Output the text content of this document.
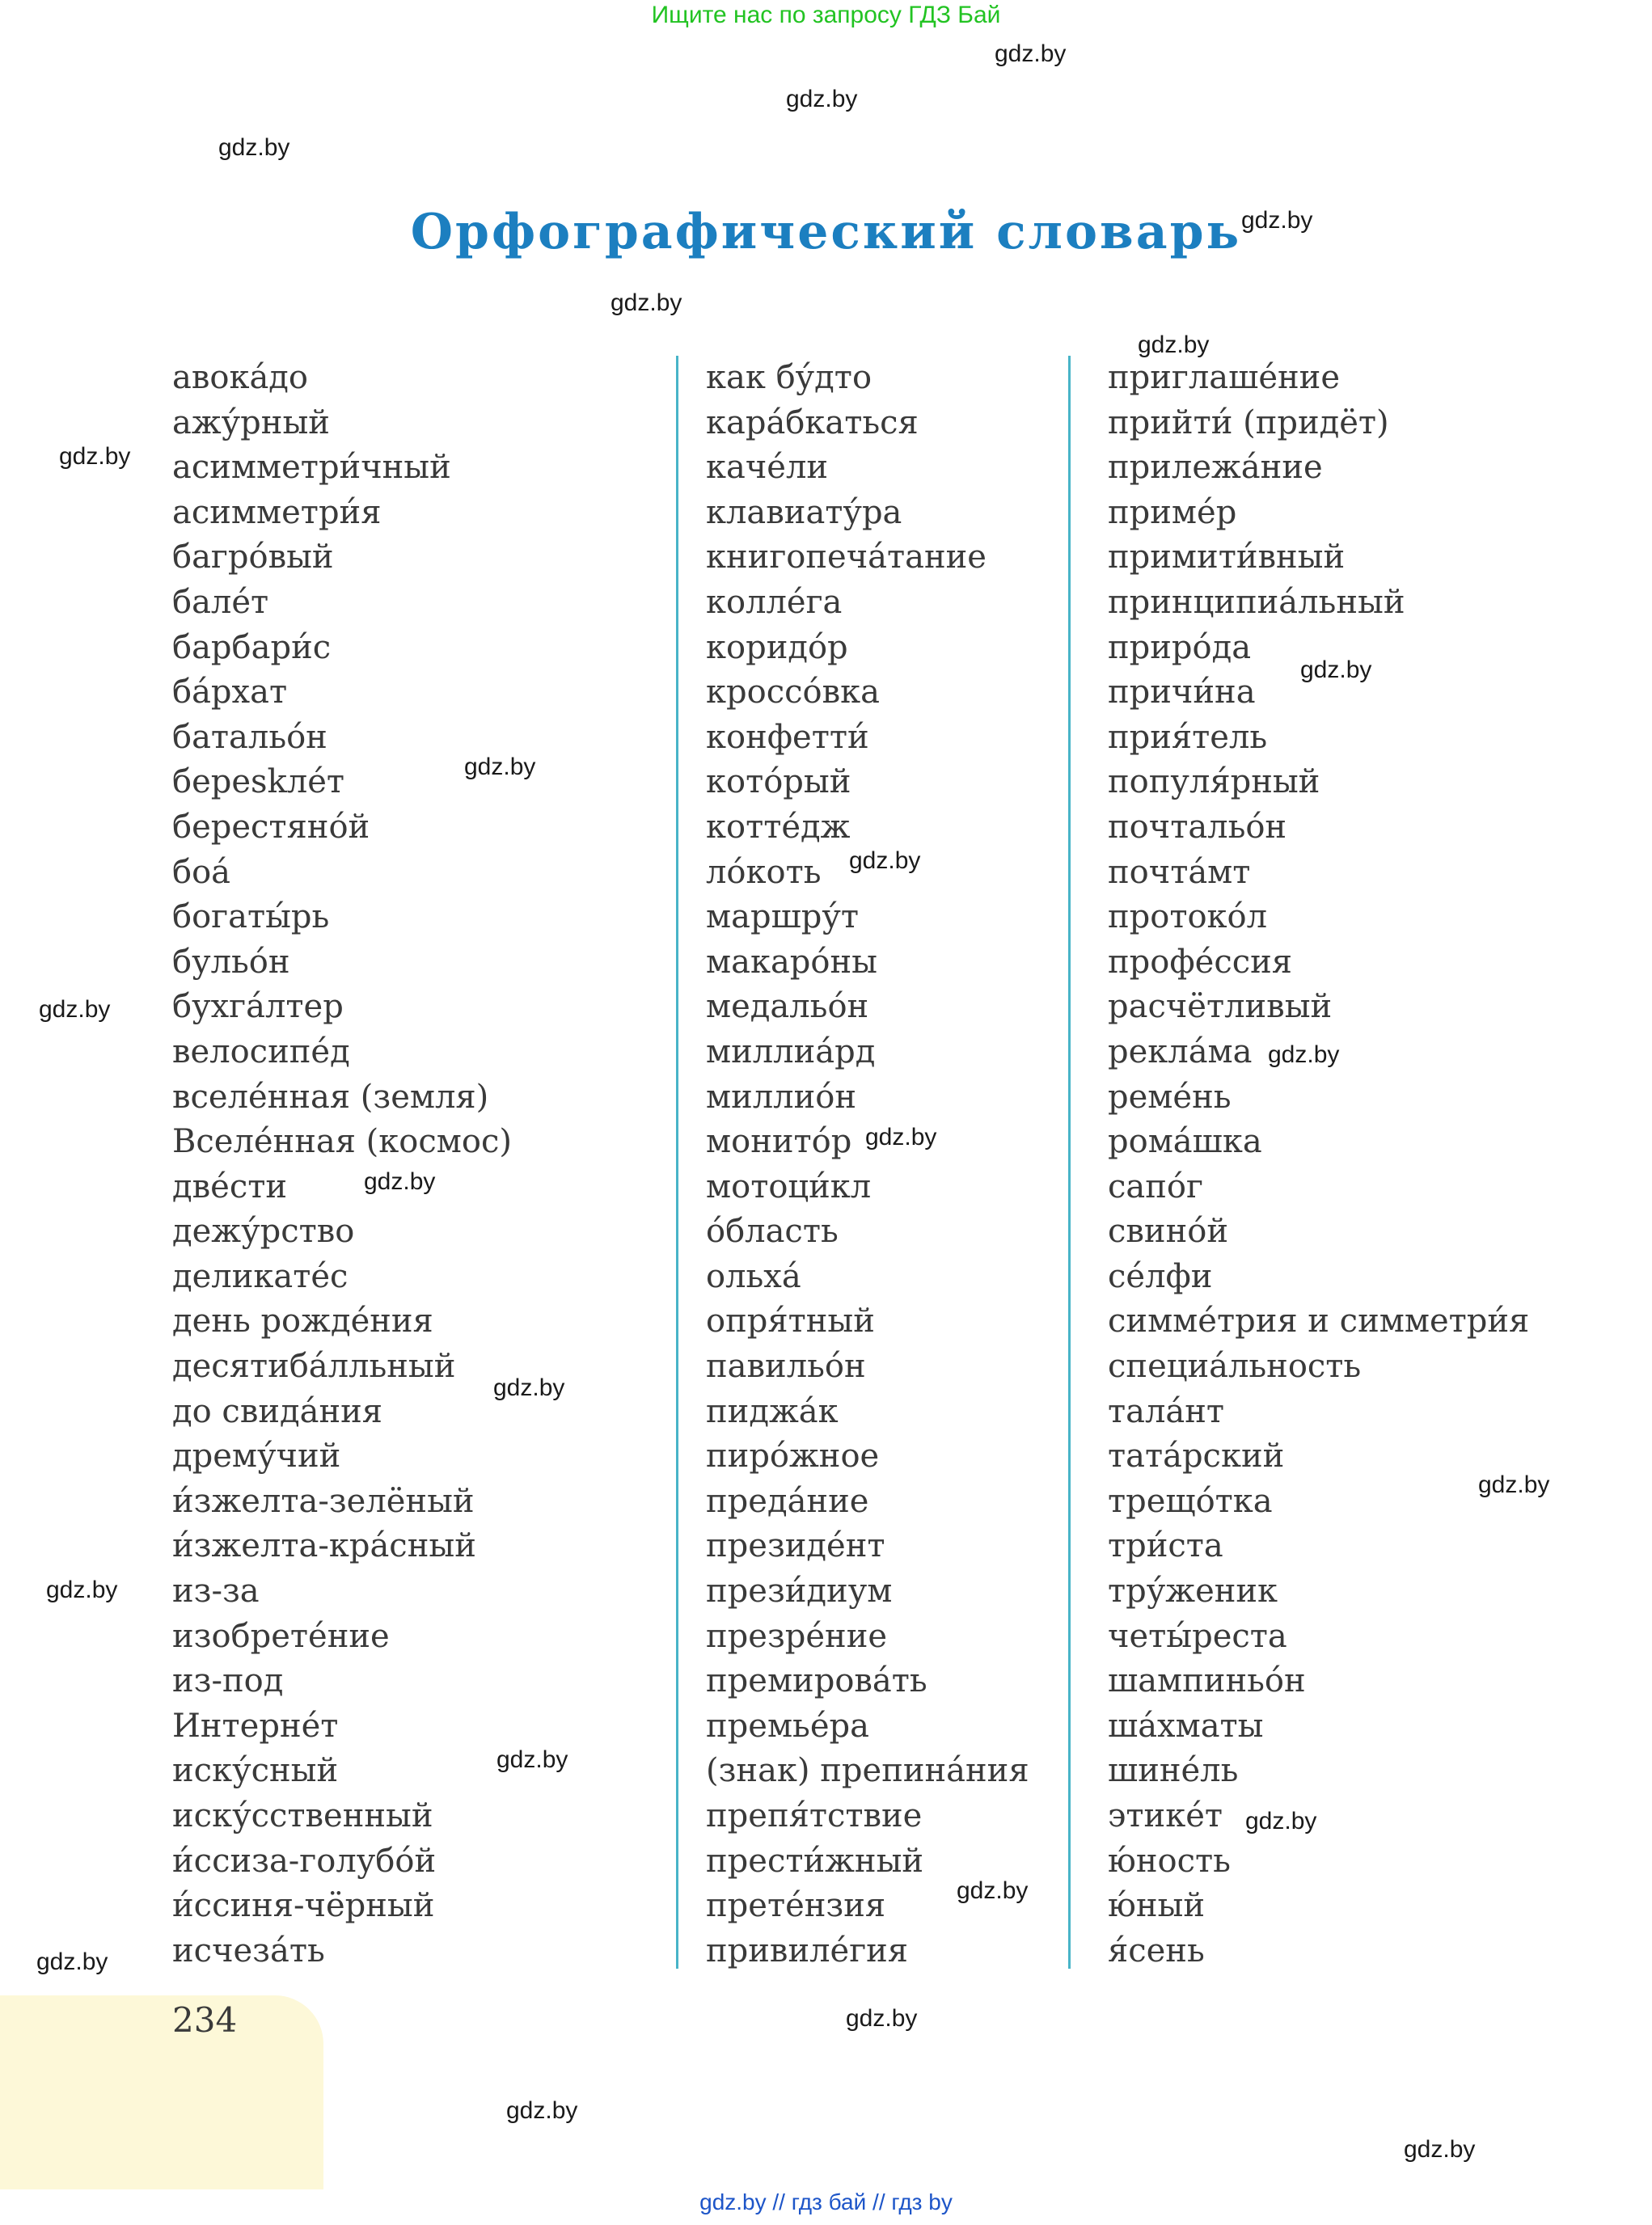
Ищите нас по запросу ГДЗ Бай
Орфографический словарь
авока́до
ажу́рный
асимметри́чный
асимметри́я
багро́вый
бале́т
барбари́с
ба́рхат
батальо́н
береskле́т
берестяно́й
боа́
богаты́рь
бульо́н
бухга́лтер
велосипе́д
вселе́нная (земля)
Вселе́нная (космос)
две́сти
дежу́рство
деликате́с
день рожде́ния
десятиба́лльный
до свида́ния
дрему́чий
и́зжелта-зелёный
и́зжелта-кра́сный
из-за
изобрете́ние
из-под
Интерне́т
иску́сный
иску́сственный
и́ссиза-голубо́й
и́ссиня-чёрный
исчеза́ть
как бу́дто
кара́бкаться
каче́ли
клавиату́ра
книгопеча́тание
колле́га
коридо́р
кроссо́вка
конфетти́
кото́рый
котте́дж
ло́коть
маршру́т
макаро́ны
медальо́н
миллиа́рд
миллио́н
монито́р
мотоци́кл
о́бласть
ольха́
опря́тный
павильо́н
пиджа́к
пиро́жное
преда́ние
президе́нт
прези́диум
презре́ние
премирова́ть
премье́ра
(знак) препина́ния
препя́тствие
прести́жный
прете́нзия
привиле́гия
приглаше́ние
прийти́ (придёт)
прилежа́ние
приме́р
примити́вный
принципиа́льный
приро́да
причи́на
прия́тель
популя́рный
почтальо́н
почта́мт
протоко́л
профе́ссия
расчётливый
рекла́ма
реме́нь
рома́шка
сапо́г
свино́й
се́лфи
симме́трия и симметри́я
специа́льность
тала́нт
тата́рский
трещо́тка
три́ста
тру́женик
четы́реста
шампиньо́н
ша́хматы
шине́ль
этике́т
ю́ность
ю́ный
я́сень
234
gdz.by
gdz.by
gdz.by
gdz.by
gdz.by
gdz.by
gdz.by
gdz.by
gdz.by
gdz.by
gdz.by
gdz.by
gdz.by
gdz.by
gdz.by
gdz.by
gdz.by
gdz.by
gdz.by
gdz.by
gdz.by
gdz.by
gdz.by
gdz.by
gdz.by // гдз бай // гдз by
